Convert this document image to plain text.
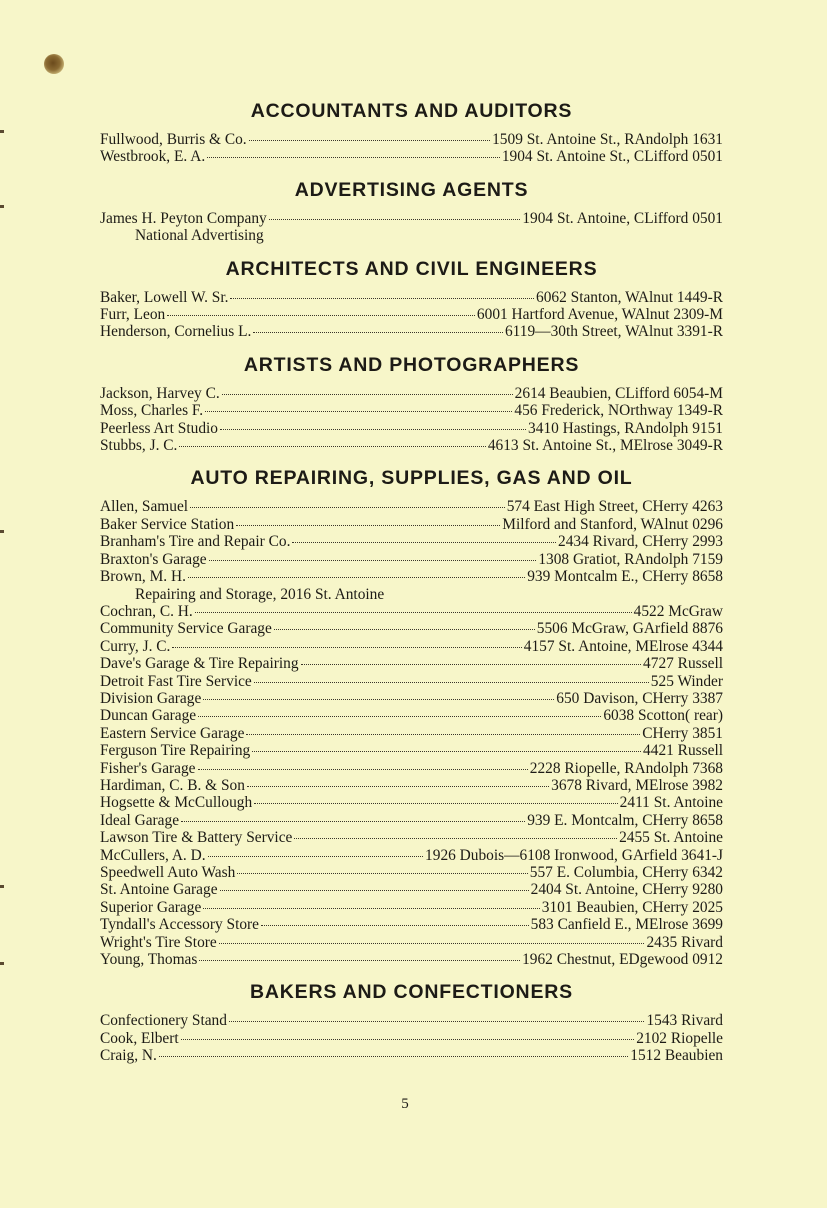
ACCOUNTANTS AND AUDITORS
Fullwood, Burris & Co.	1509 St. Antoine St., RAndolph 1631
Westbrook, E. A.	1904 St. Antoine St., CLifford 0501
ADVERTISING AGENTS
James H. Peyton Company	1904 St. Antoine, CLifford 0501
National Advertising
ARCHITECTS AND CIVIL ENGINEERS
Baker, Lowell W. Sr.	6062 Stanton, WAlnut 1449-R
Furr, Leon	6001 Hartford Avenue, WAlnut 2309-M
Henderson, Cornelius L.	6119—30th Street, WAlnut 3391-R
ARTISTS AND PHOTOGRAPHERS
Jackson, Harvey C.	2614 Beaubien, CLifford 6054-M
Moss, Charles F.	456 Frederick, NOrthway 1349-R
Peerless Art Studio	3410 Hastings, RAndolph 9151
Stubbs, J. C.	4613 St. Antoine St., MElrose 3049-R
AUTO REPAIRING, SUPPLIES, GAS AND OIL
Allen, Samuel	574 East High Street, CHerry 4263
Baker Service Station	Milford and Stanford, WAlnut 0296
Branham's Tire and Repair Co.	2434 Rivard, CHerry 2993
Braxton's Garage	1308 Gratiot, RAndolph 7159
Brown, M. H.	939 Montcalm E., CHerry 8658
Repairing and Storage, 2016 St. Antoine
Cochran, C. H.	4522 McGraw
Community Service Garage	5506 McGraw, GArfield 8876
Curry, J. C.	4157 St. Antoine, MElrose 4344
Dave's Garage & Tire Repairing	4727 Russell
Detroit Fast Tire Service	525 Winder
Division Garage	650 Davison, CHerry 3387
Duncan Garage	6038 Scotton( rear)
Eastern Service Garage	CHerry 3851
Ferguson Tire Repairing	4421 Russell
Fisher's Garage	2228 Riopelle, RAndolph 7368
Hardiman, C. B. & Son	3678 Rivard, MElrose 3982
Hogsette & McCullough	2411 St. Antoine
Ideal Garage	939 E. Montcalm, CHerry 8658
Lawson Tire & Battery Service	2455 St. Antoine
McCullers, A. D.	1926 Dubois—6108 Ironwood, GArfield 3641-J
Speedwell Auto Wash	557 E. Columbia, CHerry 6342
St. Antoine Garage	2404 St. Antoine, CHerry 9280
Superior Garage	3101 Beaubien, CHerry 2025
Tyndall's Accessory Store	583 Canfield E., MElrose 3699
Wright's Tire Store	2435 Rivard
Young, Thomas	1962 Chestnut, EDgewood 0912
BAKERS AND CONFECTIONERS
Confectionery Stand	1543 Rivard
Cook, Elbert	2102 Riopelle
Craig, N.	1512 Beaubien
5
